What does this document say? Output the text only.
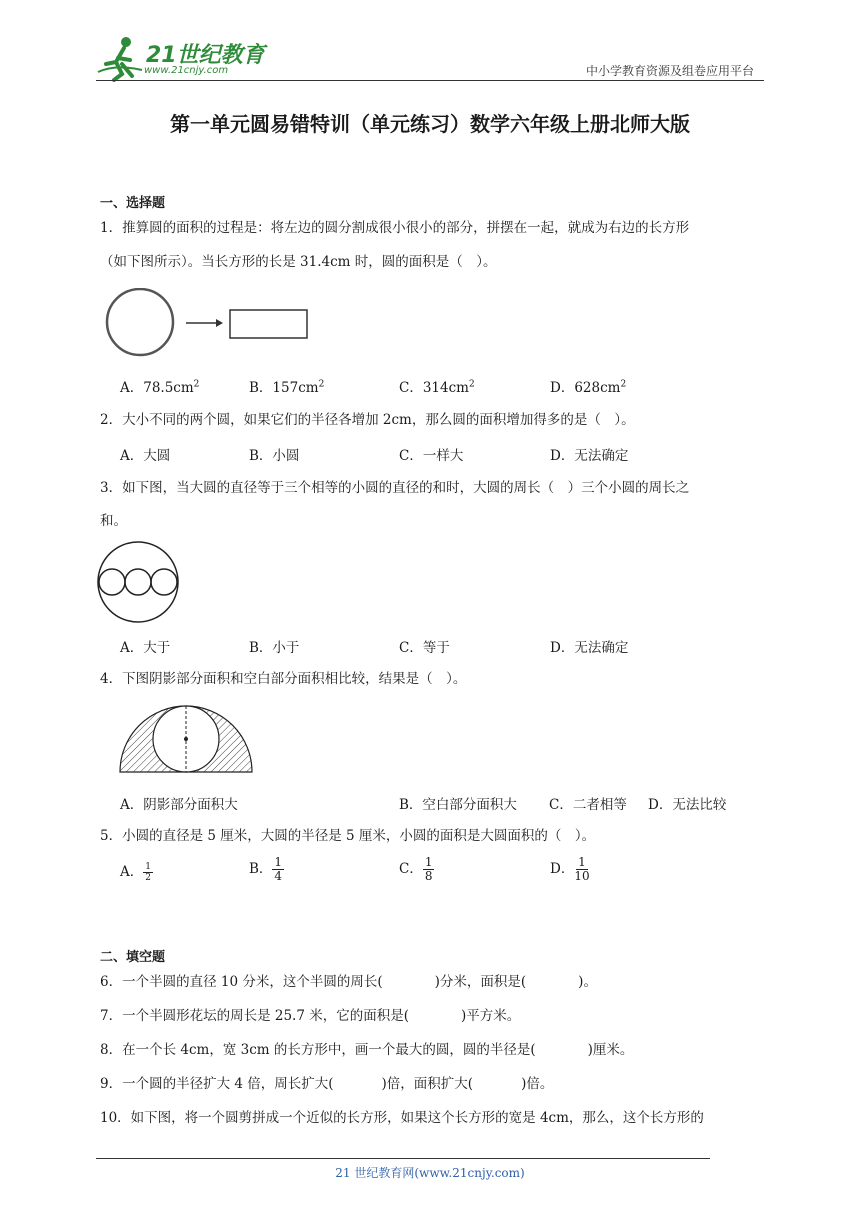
21世纪教育
www.21cnjy.com	中小学教育资源及组卷应用平台
第一单元圆易错特训（单元练习）数学六年级上册北师大版
一、选择题
1．推算圆的面积的过程是：将左边的圆分割成很小很小的部分，拼摆在一起，就成为右边的长方形
（如下图所示）。当长方形的长是 31.4cm 时，圆的面积是（　）。
A．$78.5cm^2$	B．$157cm^2$	C．$314cm^2$	D．$628cm^2$
2．大小不同的两个圆，如果它们的半径各增加 2cm，那么圆的面积增加得多的是（　）。
A．大圆	B．小圆	C．一样大	D．无法确定
3．如下图，当大圆的直径等于三个相等的小圆的直径的和时，大圆的周长（　）三个小圆的周长之
和。
A．大于	B．小于	C．等于	D．无法确定
4．下图阴影部分面积和空白部分面积相比较，结果是（　）。
A．阴影部分面积大	B．空白部分面积大 C．二者相等 D．无法比较
5．小圆的直径是 5 厘米，大圆的半径是 5 厘米，小圆的面积是大圆面积的（　）。
A． $\frac{1}{2}$	B． $\frac{1}{4}$	C． $\frac{1}{8}$	D． $\frac{1}{10}$
二、填空题
6．一个半圆的直径 10 分米，这个半圆的周长(	)分米，面积是(	)。
7．一个半圆形花坛的周长是 25.7 米，它的面积是(	)平方米。
8．在一个长 4cm，宽 3cm 的长方形中，画一个最大的圆，圆的半径是(	)厘米。
9．一个圆的半径扩大 4 倍，周长扩大(	)倍，面积扩大(	)倍。
10．如下图，将一个圆剪拼成一个近似的长方形，如果这个长方形的宽是 4cm，那么，这个长方形的
21 世纪教育网(www.21cnjy.com)
